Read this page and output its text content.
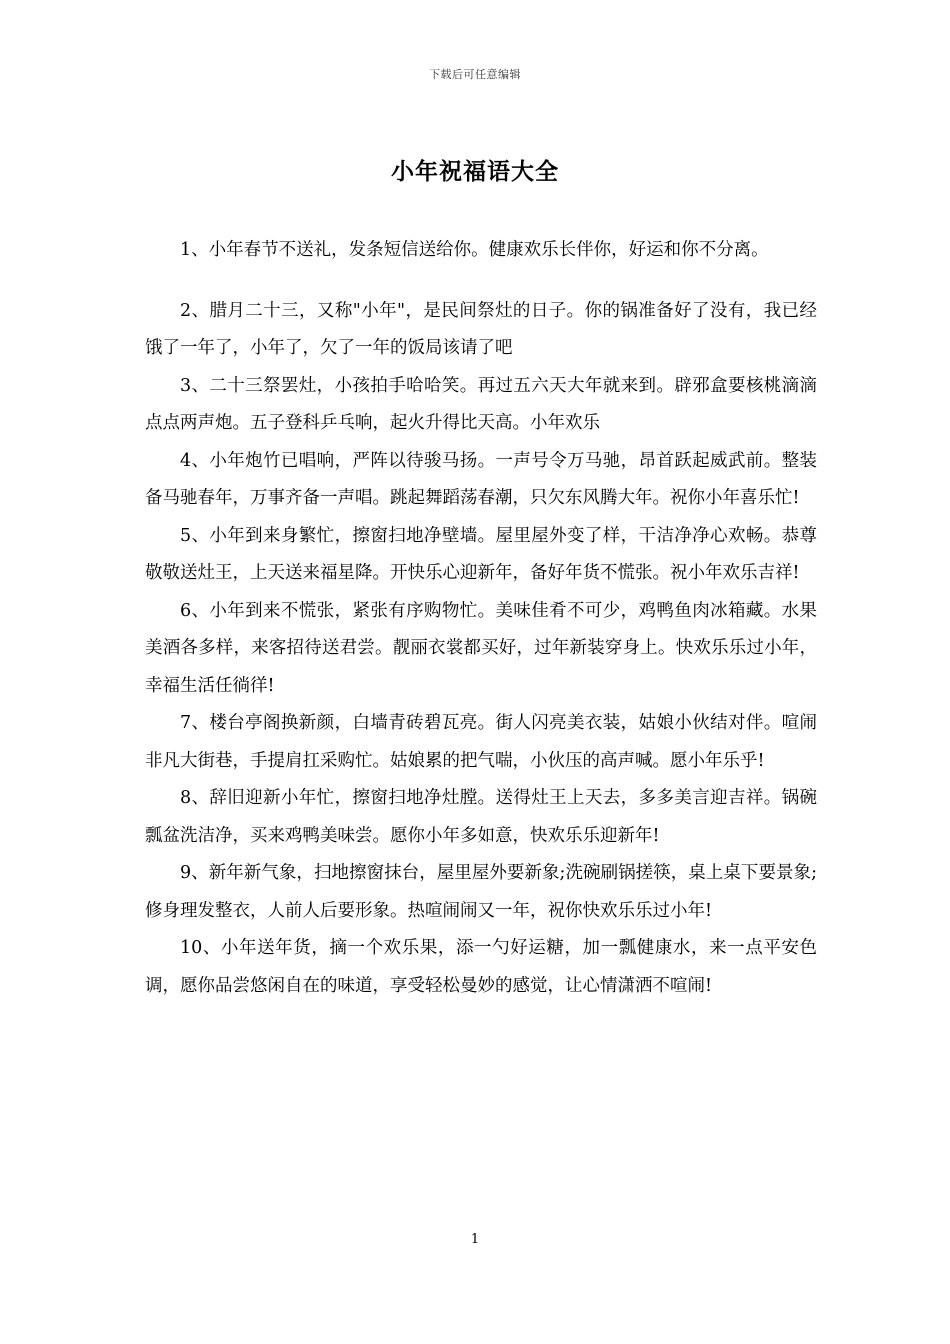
下载后可任意编辑
小年祝福语大全

1、小年春节不送礼，发条短信送给你。健康欢乐长伴你，好运和你不分离。

2、腊月二十三，又称"小年"，是民间祭灶的日子。你的锅准备好了没有，我已经饿了一年了，小年了，欠了一年的饭局该请了吧

3、二十三祭罢灶，小孩拍手哈哈笑。再过五六天大年就来到。辟邪盒要核桃滴滴点点两声炮。五子登科乒乓响，起火升得比天高。小年欢乐

4、小年炮竹已唱响，严阵以待骏马扬。一声号令万马驰，昂首跃起威武前。整装备马驰春年，万事齐备一声唱。跳起舞蹈荡春潮，只欠东风腾大年。祝你小年喜乐忙!

5、小年到来身繁忙，擦窗扫地净壁墙。屋里屋外变了样，干洁净净心欢畅。恭尊敬敬送灶王，上天送来福星降。开快乐心迎新年，备好年货不慌张。祝小年欢乐吉祥!

6、小年到来不慌张，紧张有序购物忙。美味佳肴不可少，鸡鸭鱼肉冰箱藏。水果美酒各多样，来客招待送君尝。靓丽衣裳都买好，过年新装穿身上。快欢乐乐过小年，幸福生活任徜徉!

7、楼台亭阁换新颜，白墙青砖碧瓦亮。街人闪亮美衣装，姑娘小伙结对伴。喧闹非凡大街巷，手提肩扛采购忙。姑娘累的把气喘，小伙压的高声喊。愿小年乐乎!

8、辞旧迎新小年忙，擦窗扫地净灶膛。送得灶王上天去，多多美言迎吉祥。锅碗瓢盆洗洁净，买来鸡鸭美味尝。愿你小年多如意，快欢乐乐迎新年!

9、新年新气象，扫地擦窗抹台，屋里屋外要新象;洗碗刷锅搓筷，桌上桌下要景象;修身理发整衣，人前人后要形象。热喧闹闹又一年，祝你快欢乐乐过小年!

10、小年送年货，摘一个欢乐果，添一勺好运糖，加一瓢健康水，来一点平安色调，愿你品尝悠闲自在的味道，享受轻松曼妙的感觉，让心情潇洒不喧闹!

1
